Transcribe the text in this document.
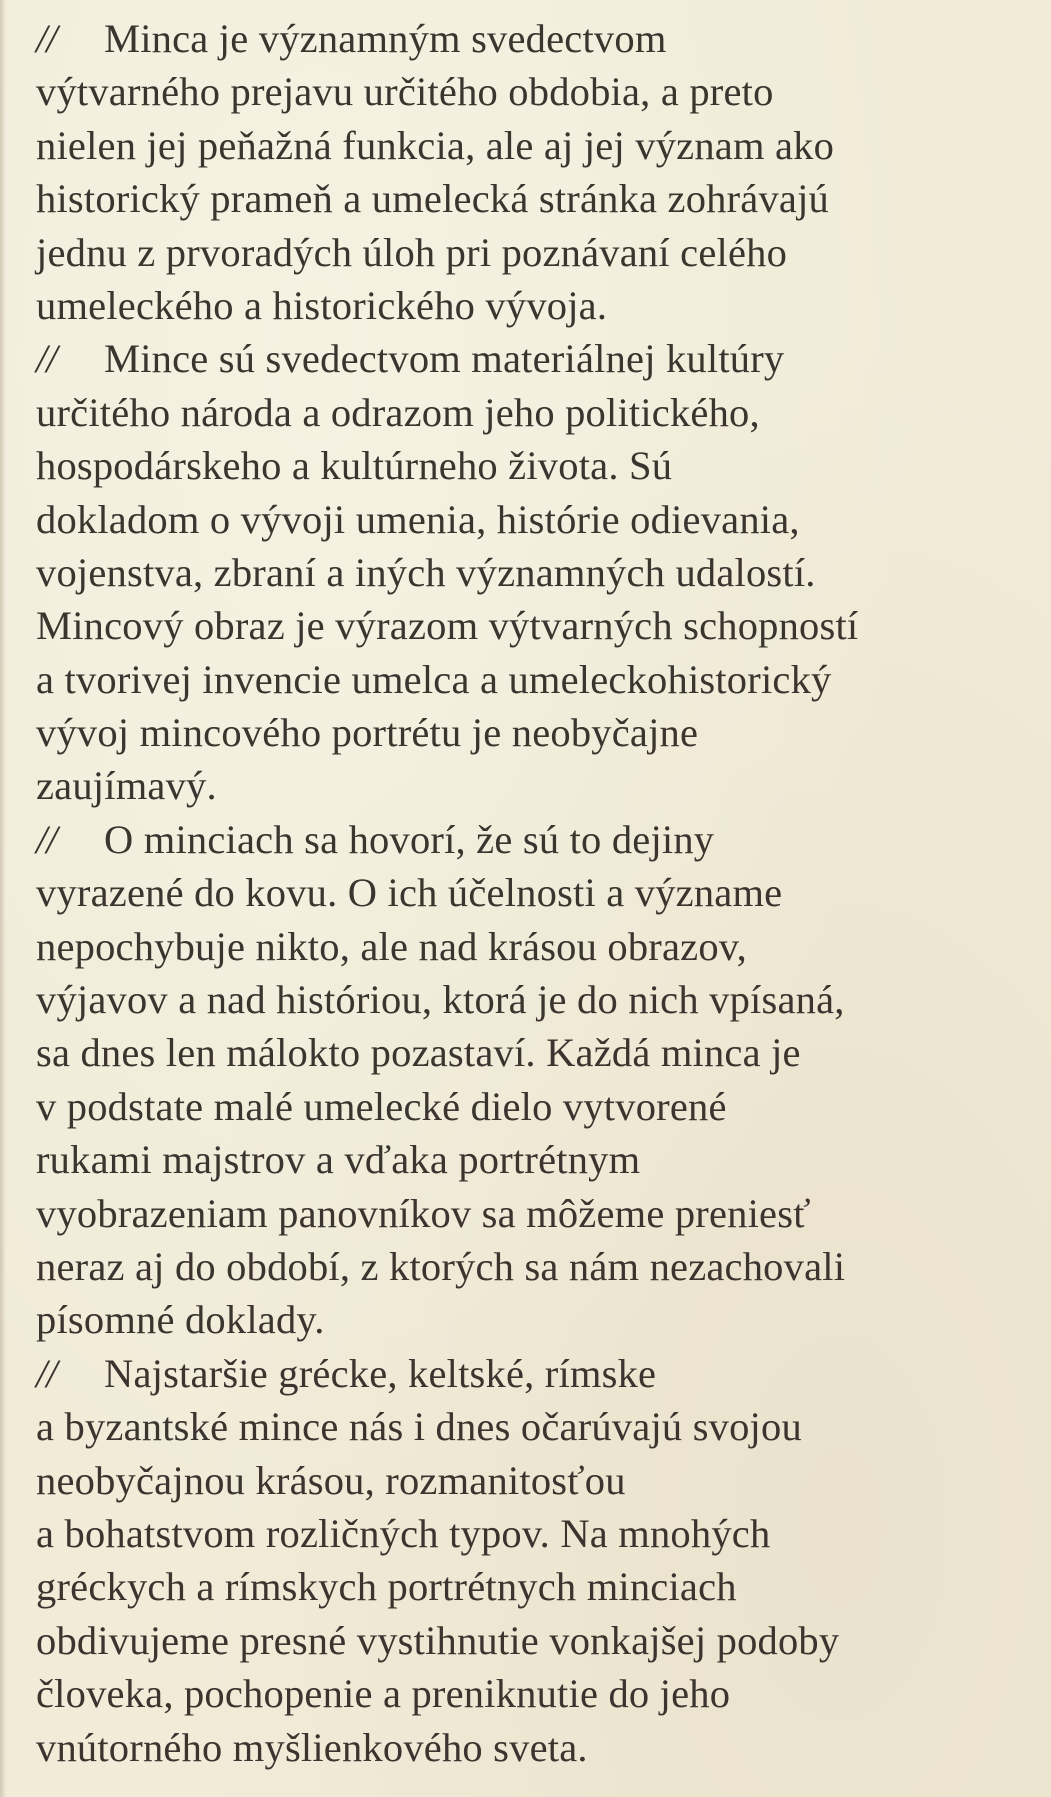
// Minca je významným svedectvom
výtvarného prejavu určitého obdobia, a preto
nielen jej peňažná funkcia, ale aj jej význam ako
historický prameň a umelecká stránka zohrávajú
jednu z prvoradých úloh pri poznávaní celého
umeleckého a historického vývoja.
// Mince sú svedectvom materiálnej kultúry
určitého národa a odrazom jeho politického,
hospodárskeho a kultúrneho života. Sú
dokladom o vývoji umenia, histórie odievania,
vojenstva, zbraní a iných významných udalostí.
Mincový obraz je výrazom výtvarných schopností
a tvorivej invencie umelca a umeleckohistorický
vývoj mincového portrétu je neobyčajne
zaujímavý.
// O minciach sa hovorí, že sú to dejiny
vyrazené do kovu. O ich účelnosti a význame
nepochybuje nikto, ale nad krásou obrazov,
výjavov a nad históriou, ktorá je do nich vpísaná,
sa dnes len málokto pozastaví. Každá minca je
v podstate malé umelecké dielo vytvorené
rukami majstrov a vďaka portrétnym
vyobrazeniam panovníkov sa môžeme preniesť
neraz aj do období, z ktorých sa nám nezachovali
písomné doklady.
// Najstaršie grécke, keltské, rímske
a byzantské mince nás i dnes očarúvajú svojou
neobyčajnou krásou, rozmanitosťou
a bohatstvom rozličných typov. Na mnohých
gréckych a rímskych portrétnych minciach
obdivujeme presné vystihnutie vonkajšej podoby
človeka, pochopenie a preniknutie do jeho
vnútorného myšlienkového sveta.
